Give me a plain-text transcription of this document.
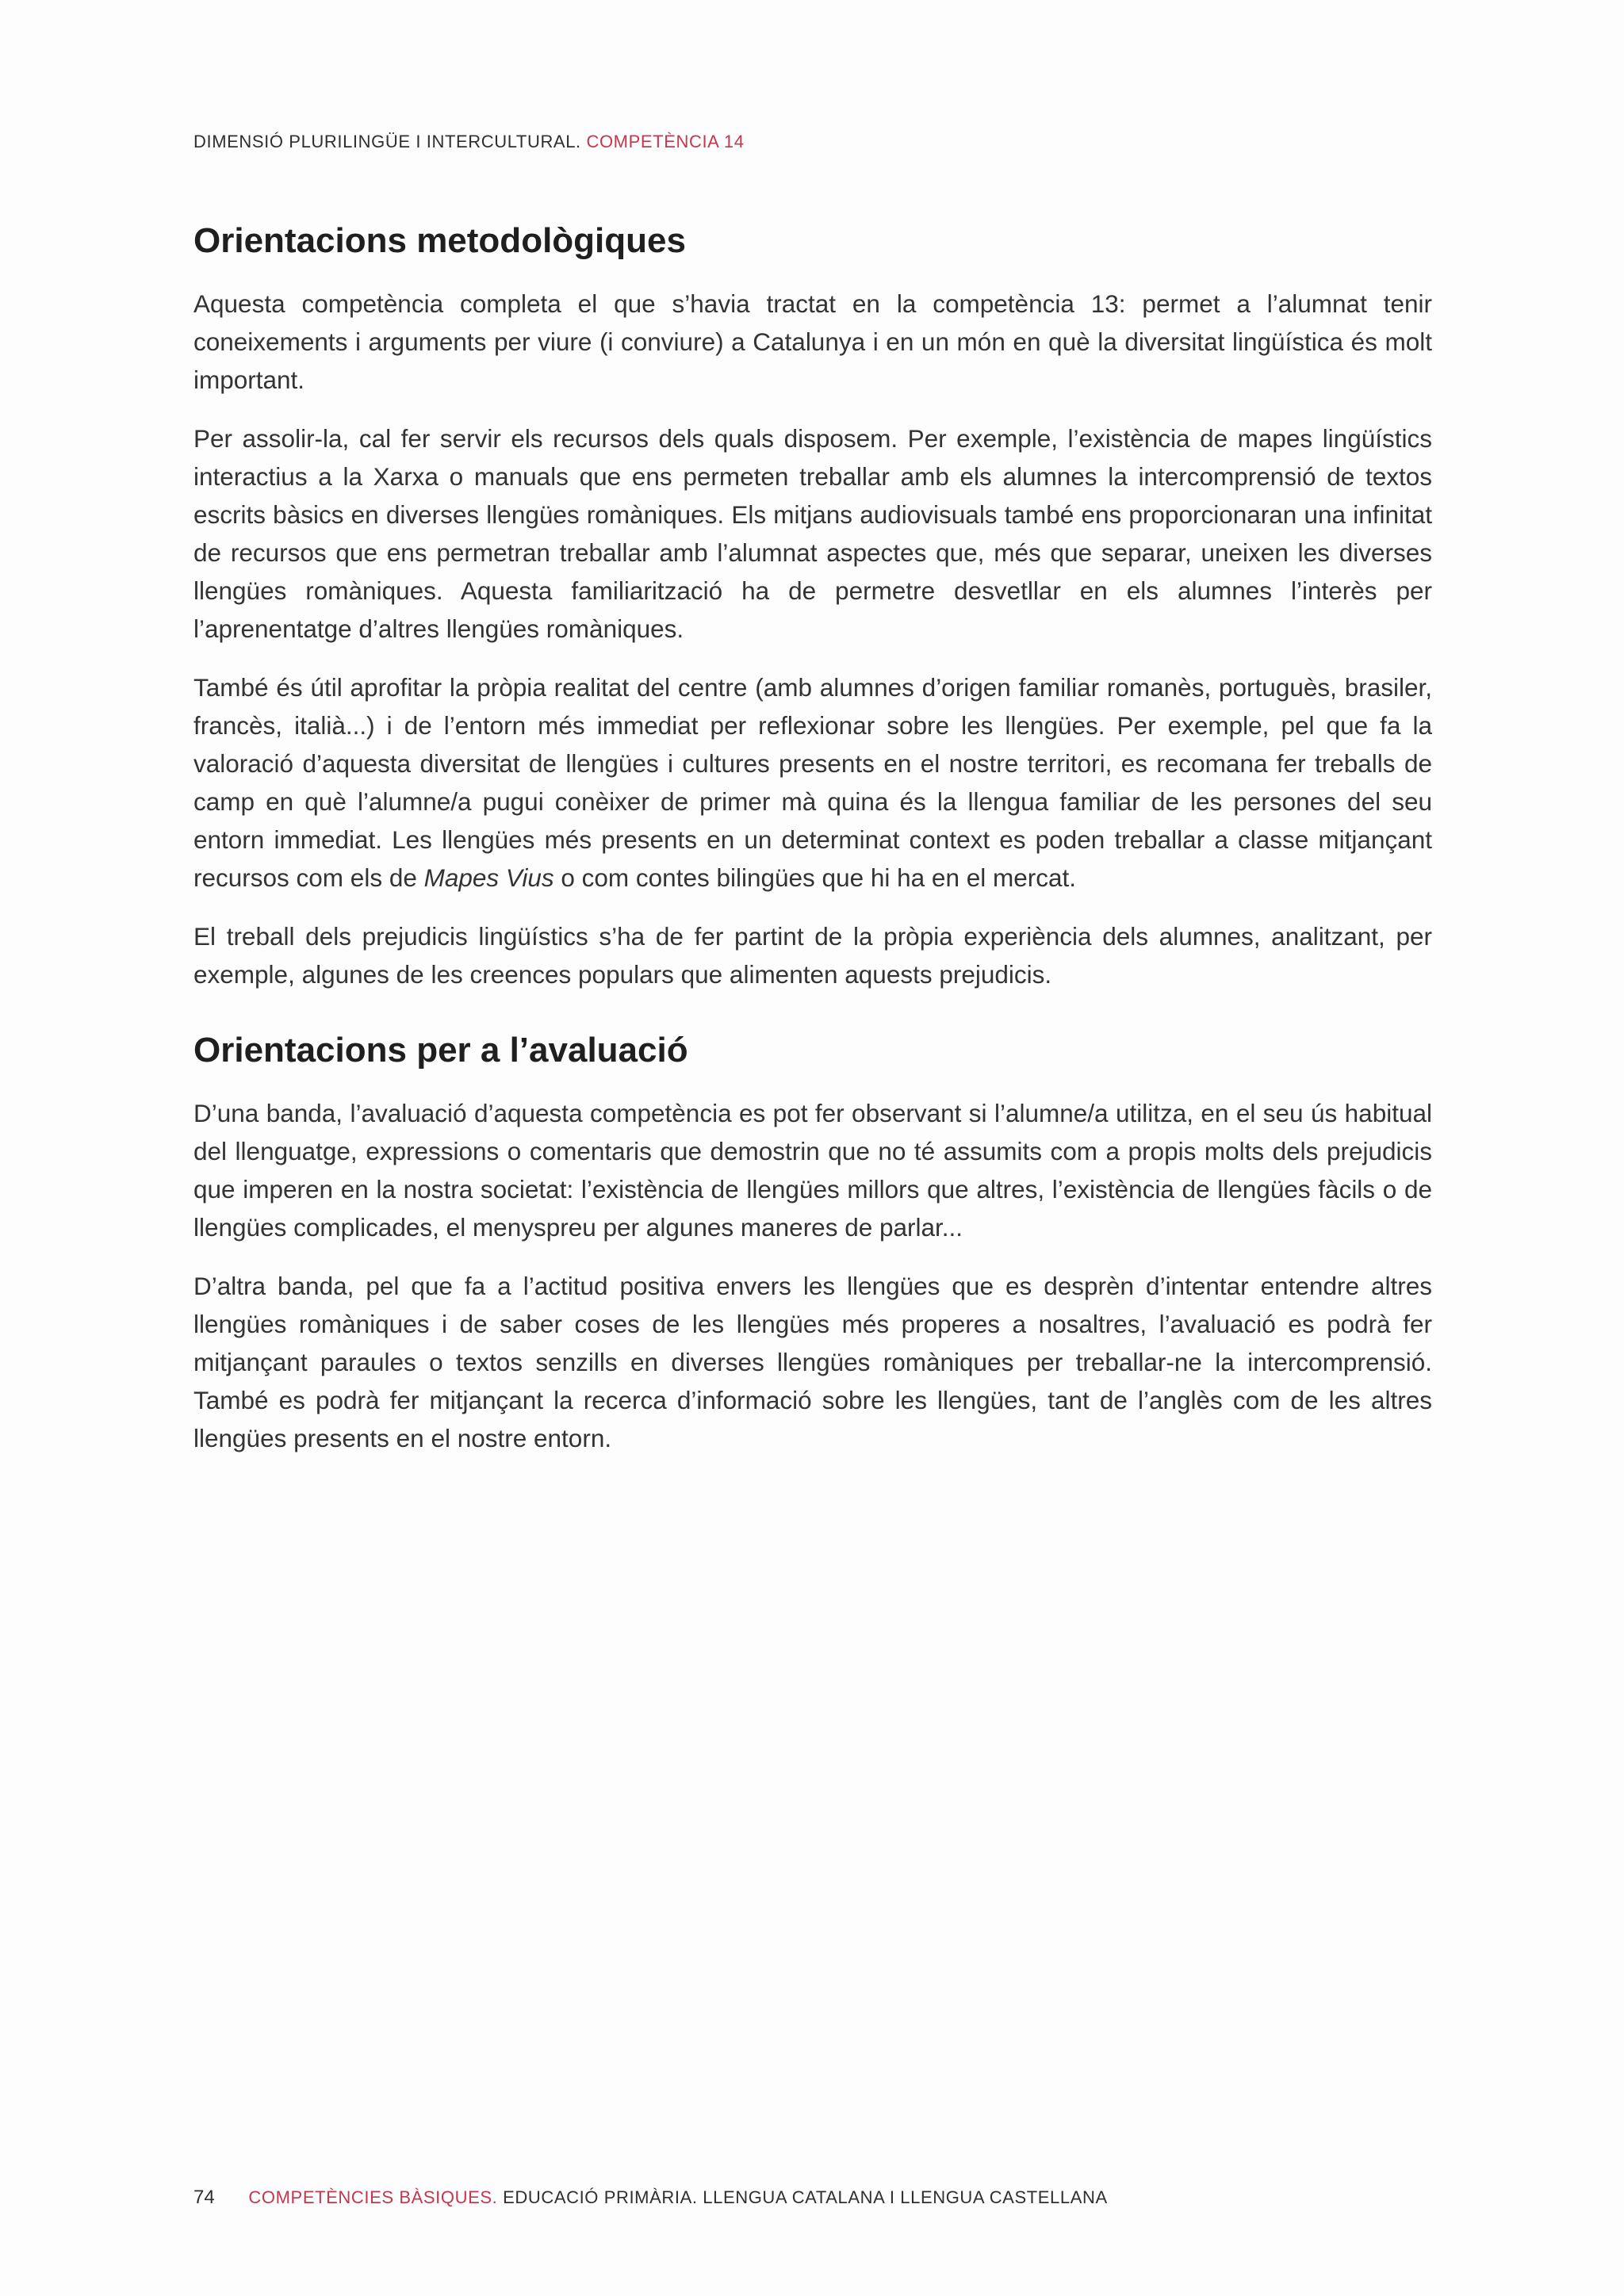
DIMENSIÓ PLURILINGÜE I INTERCULTURAL. COMPETÈNCIA 14
Orientacions metodològiques

Aquesta competència completa el que s’havia tractat en la competència 13: permet a l’alumnat tenir coneixements i arguments per viure (i conviure) a Catalunya i en un món en què la diversitat lingüística és molt important.

Per assolir-la, cal fer servir els recursos dels quals disposem. Per exemple, l’existència de mapes lingüístics interactius a la Xarxa o manuals que ens permeten treballar amb els alumnes la intercomprensió de textos escrits bàsics en diverses llengües romàniques. Els mitjans audiovisuals també ens proporcionaran una infinitat de recursos que ens permetran treballar amb l’alumnat aspectes que, més que separar, uneixen les diverses llengües romàniques. Aquesta familiarització ha de permetre desvetllar en els alumnes l’interès per l’aprenentatge d’altres llengües romàniques.

També és útil aprofitar la pròpia realitat del centre (amb alumnes d’origen familiar romanès, portuguès, brasiler, francès, italià...) i de l’entorn més immediat per reflexionar sobre les llengües. Per exemple, pel que fa la valoració d’aquesta diversitat de llengües i cultures presents en el nostre territori, es recomana fer treballs de camp en què l’alumne/a pugui conèixer de primer mà quina és la llengua familiar de les persones del seu entorn immediat. Les llengües més presents en un determinat context es poden treballar a classe mitjançant recursos com els de Mapes Vius o com contes bilingües que hi ha en el mercat.

El treball dels prejudicis lingüístics s’ha de fer partint de la pròpia experiència dels alumnes, analitzant, per exemple, algunes de les creences populars que alimenten aquests prejudicis.

Orientacions per a l’avaluació

D’una banda, l’avaluació d’aquesta competència es pot fer observant si l’alumne/a utilitza, en el seu ús habitual del llenguatge, expressions o comentaris que demostrin que no té assumits com a propis molts dels prejudicis que imperen en la nostra societat: l’existència de llengües millors que altres, l’existència de llengües fàcils o de llengües complicades, el menyspreu per algunes maneres de parlar...

D’altra banda, pel que fa a l’actitud positiva envers les llengües que es desprèn d’intentar entendre altres llengües romàniques i de saber coses de les llengües més properes a nosaltres, l’avaluació es podrà fer mitjançant paraules o textos senzills en diverses llengües romàniques per treballar-ne la intercomprensió. També es podrà fer mitjançant la recerca d’informació sobre les llengües, tant de l’anglès com de les altres llengües presents en el nostre entorn.

74 COMPETÈNCIES BÀSIQUES. EDUCACIÓ PRIMÀRIA. LLENGUA CATALANA I LLENGUA CASTELLANA
